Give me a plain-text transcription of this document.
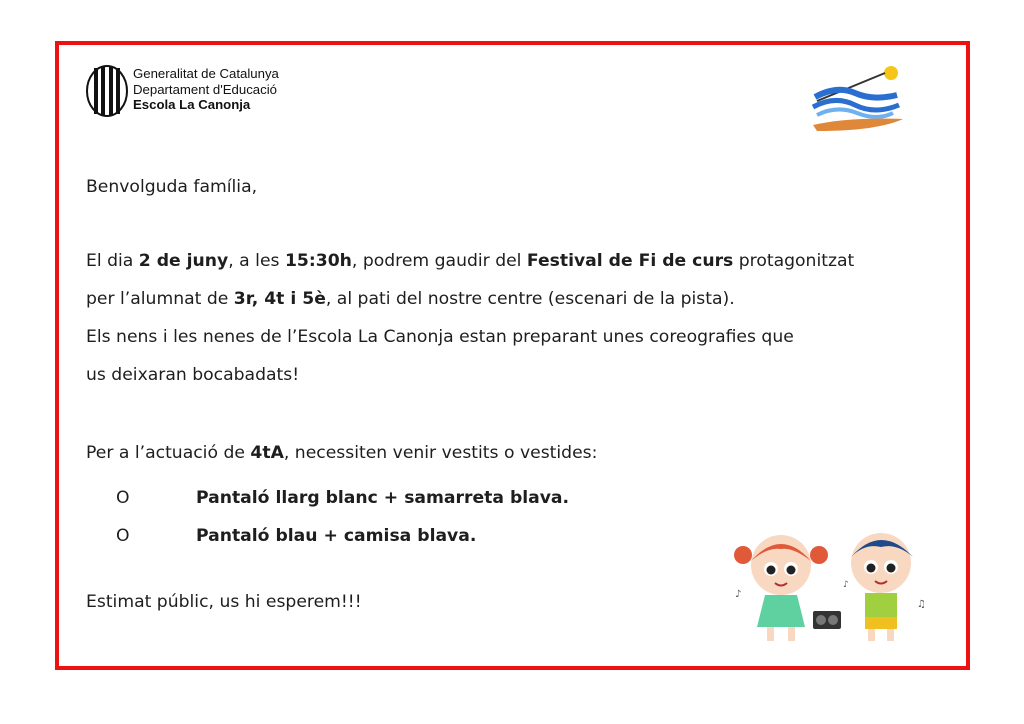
Generalitat de Catalunya
Departament d'Educació
Escola La Canonja
Benvolguda família,
El dia 2 de juny, a les 15:30h, podrem gaudir del Festival de Fi de curs protagonitzat
per l’alumnat de 3r, 4t i 5è, al pati del nostre centre (escenari de la pista).
Els nens i les nenes de l’Escola La Canonja estan preparant unes coreografies que
us deixaran bocabadats!
Per a l’actuació de 4tA, necessiten venir vestits o vestides:
O	Pantaló llarg blanc + samarreta blava.
O	Pantaló blau + camisa blava.
Estimat públic, us hi esperem!!!	♪
♫
♪
